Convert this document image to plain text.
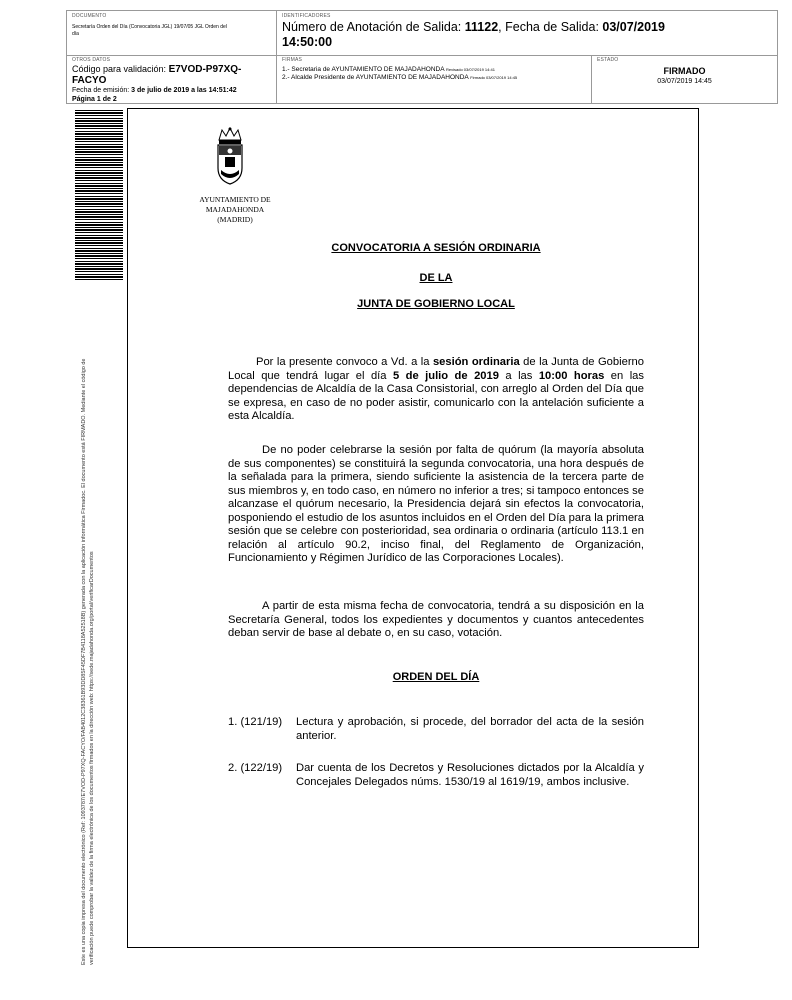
DOCUMENTO
Secretaría Orden del Día (Convocatoria JGL) 19/07/05 JGL Orden del día
IDENTIFICADORES
Número de Anotación de Salida: 11122, Fecha de Salida: 03/07/2019
14:50:00
OTROS DATOS
Código para validación: E7VOD-P97XQ-FACYO
Fecha de emisión: 3 de julio de 2019 a las 14:51:42
Página 1 de 2
FIRMAS
1.- Secretaria de AYUNTAMIENTO DE MAJADAHONDA Revisado 03/07/2019 14:41
2.- Alcalde Presidente de AYUNTAMIENTO DE MAJADAHONDA Firmado 03/07/2019 14:45
ESTADO
FIRMADO
03/07/2019 14:45
Este es una copia impresa del documento electrónico (Ref: 1093787/E7VOD-P97XQ-FACYO/FAB4012C38361B93DD85F45DF7B4118A52518B) generada con la aplicación informática Firmadoc. El documento está FIRMADO. Mediante el código de verificación puede comprobar la validez de la firma electrónica de los documentos firmados en la dirección web: https://sede.majadahonda.org/portal/verificarDocumentos
AYUNTAMIENTO DE
MAJADAHONDA
(MADRID)
CONVOCATORIA A SESIÓN ORDINARIA
DE LA
JUNTA DE GOBIERNO LOCAL
Por la presente convoco a Vd. a la sesión ordinaria de la Junta de Gobierno Local que tendrá lugar el día 5 de julio de 2019 a las 10:00 horas en las dependencias de Alcaldía de la Casa Consistorial, con arreglo al Orden del Día que se expresa, en caso de no poder asistir, comunicarlo con la antelación suficiente a esta Alcaldía.
De no poder celebrarse la sesión por falta de quórum (la mayoría absoluta de sus componentes) se constituirá la segunda convocatoria, una hora después de la señalada para la primera, siendo suficiente la asistencia de la tercera parte de sus miembros y, en todo caso, en número no inferior a tres; si tampoco entonces se alcanzase el quórum necesario, la Presidencia dejará sin efectos la convocatoria, posponiendo el estudio de los asuntos incluidos en el Orden del Día para la primera sesión que se celebre con posterioridad, sea ordinaria o ordinaria (artículo 113.1 en relación al artículo 90.2, inciso final, del Reglamento de Organización, Funcionamiento y Régimen Jurídico de las Corporaciones Locales).
A partir de esta misma fecha de convocatoria, tendrá a su disposición en la Secretaría General, todos los expedientes y documentos y cuantos antecedentes deban servir de base al debate o, en su caso, votación.
ORDEN DEL DÍA
1. (121/19) Lectura y aprobación, si procede, del borrador del acta de la sesión anterior.
2. (122/19) Dar cuenta de los Decretos y Resoluciones dictados por la Alcaldía y Concejales Delegados núms. 1530/19 al 1619/19, ambos inclusive.
